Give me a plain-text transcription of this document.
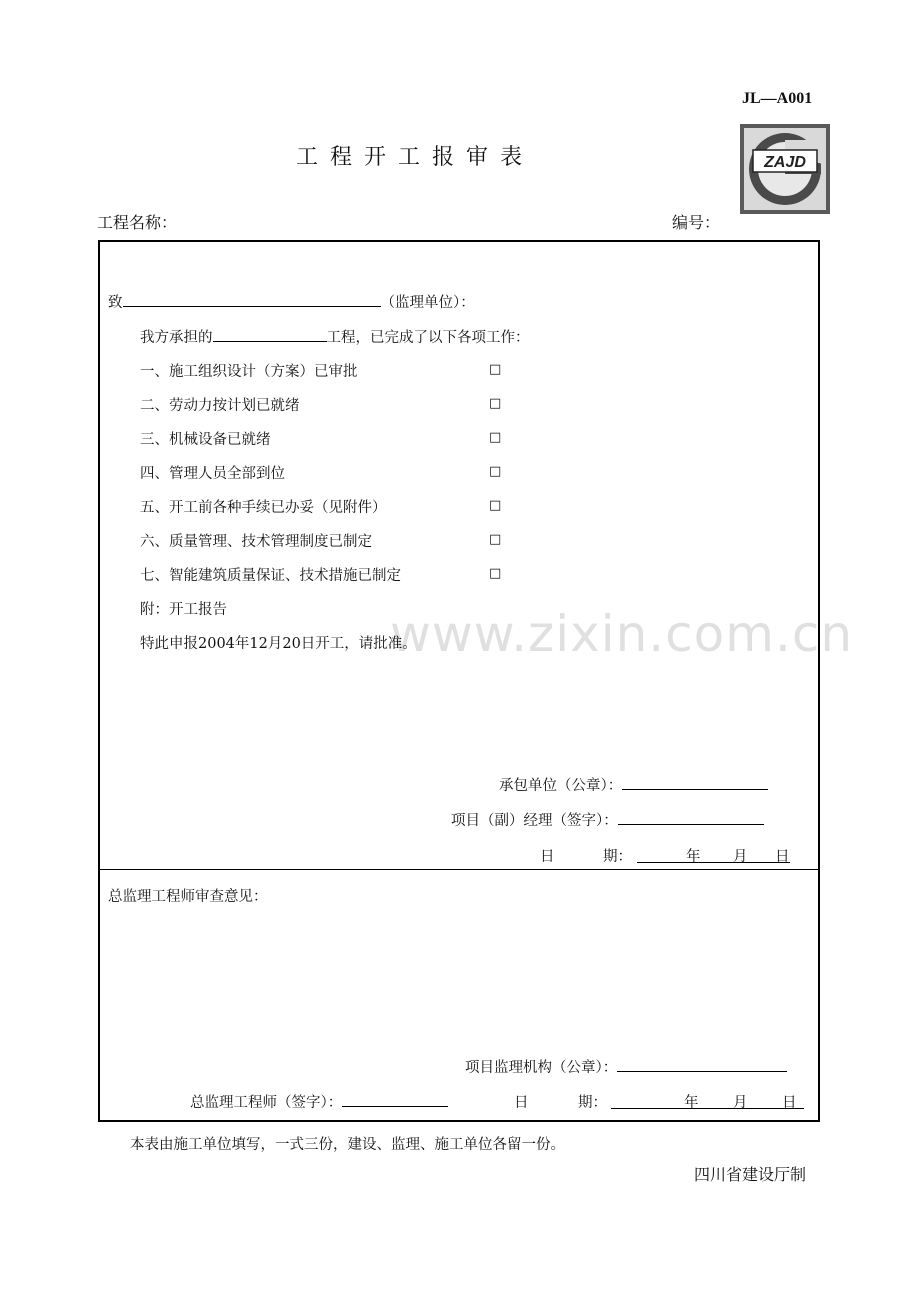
JL—A001
工程开工报审表	ZAJD
工程名称：	编号：
www.zixin.com.cn
致	（监理单位）：
我方承担的	工程，已完成了以下各项工作：
一、施工组织设计（方案）已审批	□
二、劳动力按计划已就绪	□
三、机械设备已就绪	□
四、管理人员全部到位	□
五、开工前各种手续已办妥（见附件）	□
六、质量管理、技术管理制度已制定	□
七、智能建筑质量保证、技术措施已制定	□
附：开工报告
特此申报2004年12月20日开工，请批准。
承包单位（公章）：
项目（副）经理（签字）：
日	期：	年 月 日
总监理工程师审查意见：
项目监理机构（公章）：
总监理工程师（签字）：	日	期：	年 月 日
本表由施工单位填写，一式三份，建设、监理、施工单位各留一份。
四川省建设厅制
